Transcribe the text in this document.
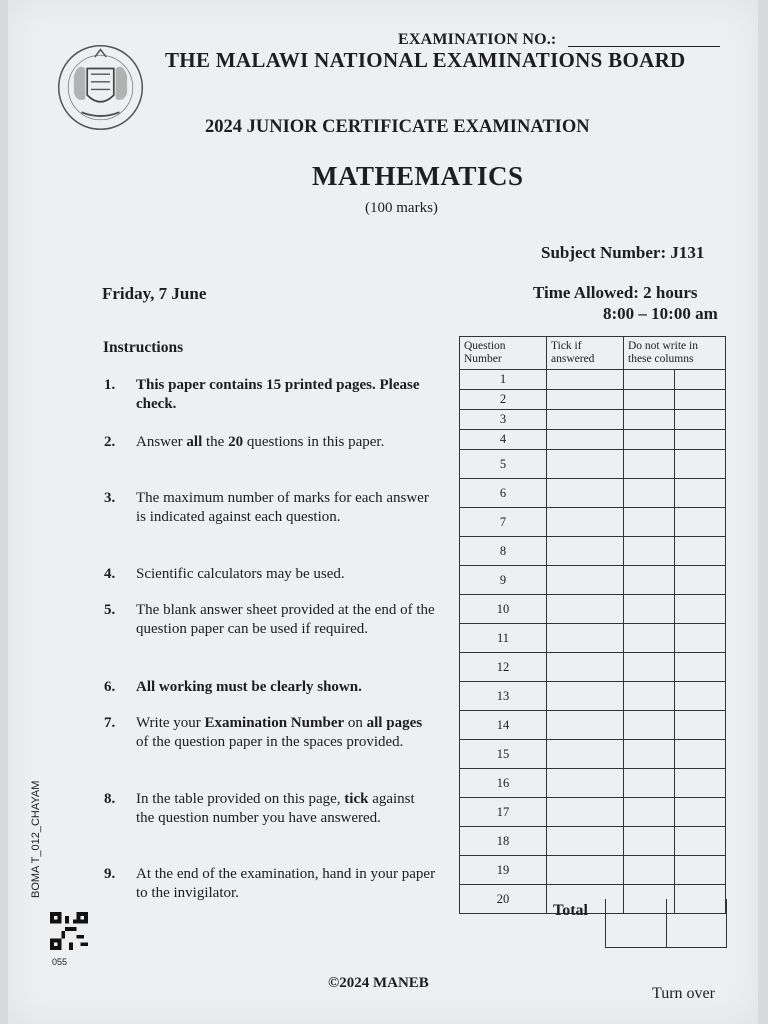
EXAMINATION NO.:
THE MALAWI NATIONAL EXAMINATIONS BOARD
2024 JUNIOR CERTIFICATE EXAMINATION
MATHEMATICS
(100 marks)
Subject Number: J131
Friday, 7 June	Time Allowed: 2 hours
8:00 – 10:00 am
Instructions
1. This paper contains 15 printed pages. Please check.
2. Answer all the 20 questions in this paper.
3. The maximum number of marks for each answer is indicated against each question.
4. Scientific calculators may be used.
5. The blank answer sheet provided at the end of the question paper can be used if required.
6. All working must be clearly shown.
7. Write your Examination Number on all pages of the question paper in the spaces provided.
8. In the table provided on this page, tick against the question number you have answered.
9. At the end of the examination, hand in your paper to the invigilator.
Question Number	Tick if answered	Do not write in these columns	
1			
2			
3			
4			
5			
6			
7			
8			
9			
10			
11			
12			
13			
14			
15			
16			
17			
18			
19			
20			
Total
BOMA T_012_CHAYAM
055
©2024 MANEB
Turn over
